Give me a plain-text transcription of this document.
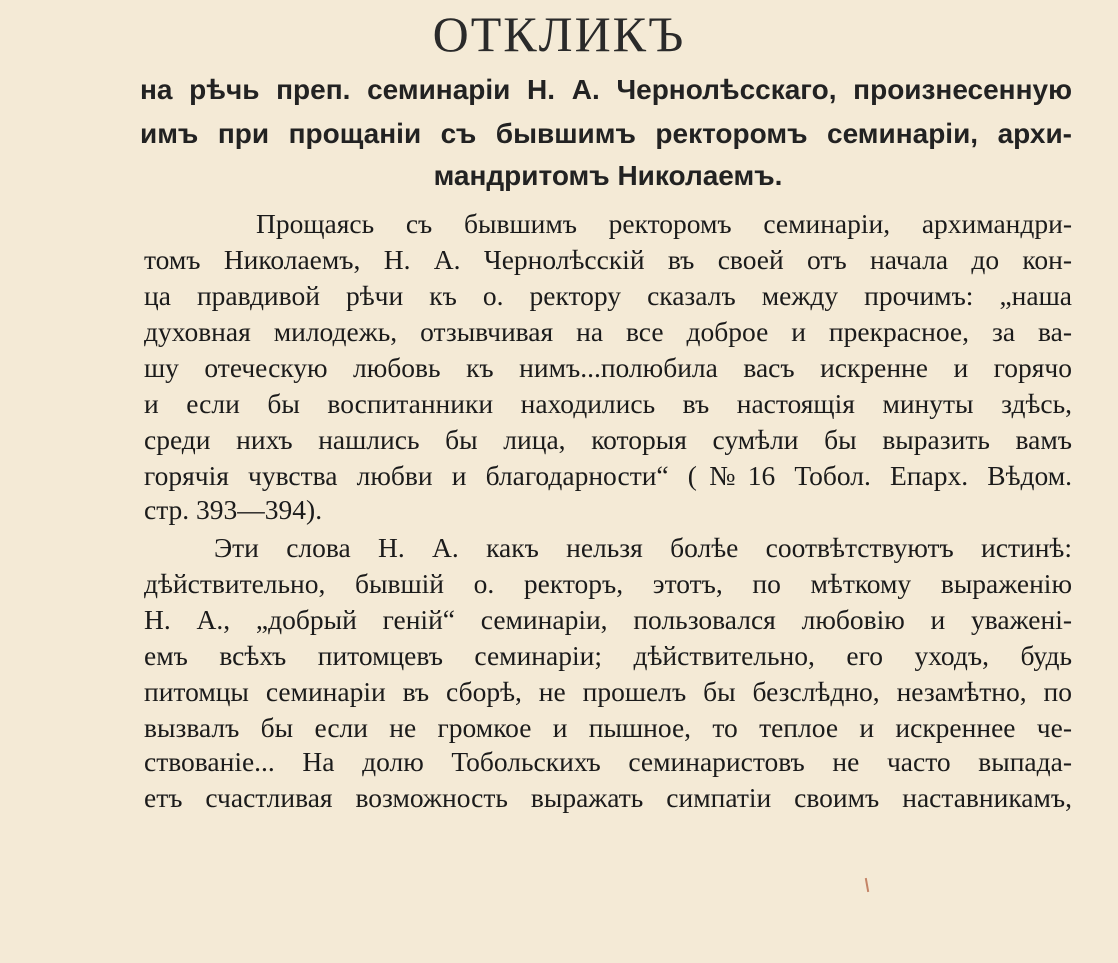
ОТКЛИКЪ
на рѣчь преп. семинаріи Н. А. Чернолѣсскаго, произнесенную
имъ при прощаніи съ бывшимъ ректоромъ семинаріи, архи-
мандритомъ Николаемъ.

Прощаясь съ бывшимъ ректоромъ семинаріи, архимандри-

томъ Николаемъ, Н. А. Чернолѣсскій въ своей отъ начала до кон-

ца правдивой рѣчи къ о. ректору сказалъ между прочимъ: „наша

духовная милодежь, отзывчивая на все доброе и прекрасное, за ва-

шу отеческую любовь къ нимъ...полюбила васъ искренне и горячо

и если бы воспитанники находились въ настоящія минуты здѣсь,

среди нихъ нашлись бы лица, которыя сумѣли бы выразить вамъ

горячія чувства любви и благодарности“ (№16 Тобол. Епарх. Вѣдом.

стр. 393—394).

Эти слова Н. А. какъ нельзя болѣе соотвѣтствуютъ истинѣ:

дѣйствительно, бывшій о. ректоръ, этотъ, по мѣткому выраженію

Н. А., „добрый геній“ семинаріи, пользовался любовію и уваженi-

емъ всѣхъ питомцевъ семинаріи; дѣйствительно, его уходъ, будь

питомцы семинаріи въ сборѣ, не прошелъ бы безслѣдно, незамѣтно, по

вызвалъ бы если не громкое и пышное, то теплое и искреннее че-

ствованіе... На долю Тобольскихъ семинаристовъ не часто выпада-

етъ счастливая возможность выражать симпатіи своимъ наставникамъ,
